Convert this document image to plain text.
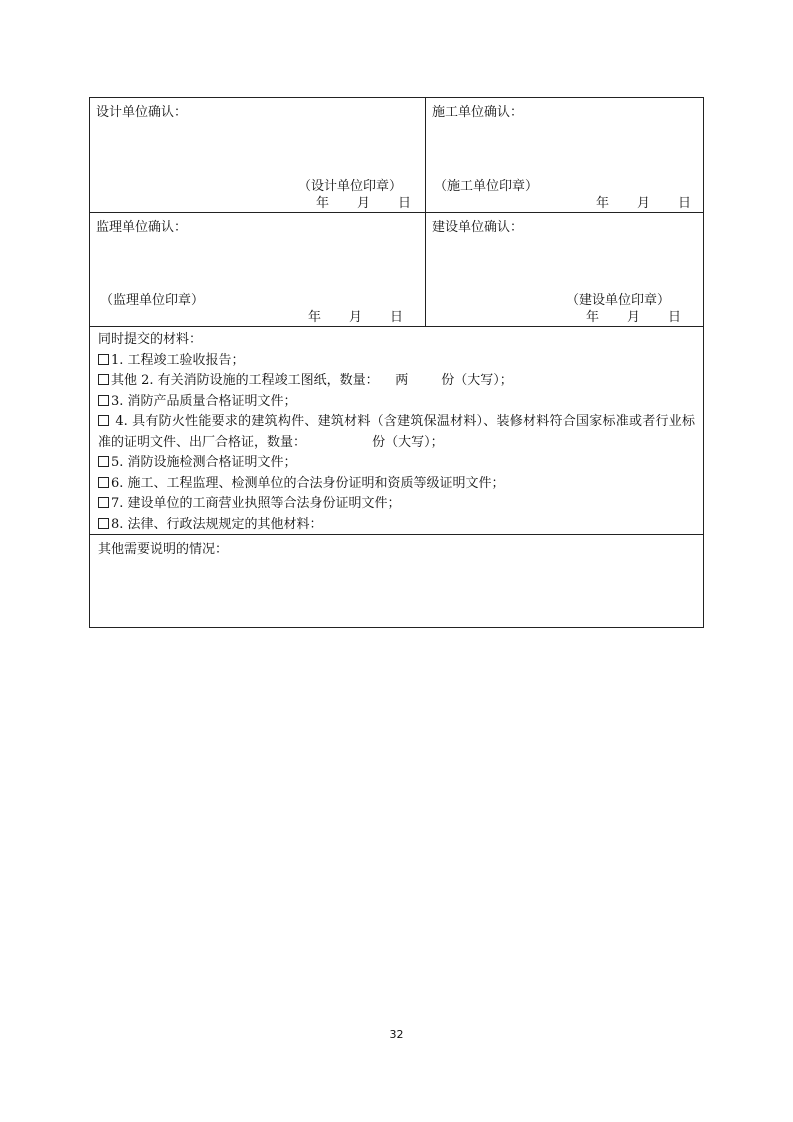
设计单位确认：
（设计单位印章）
年 月 日
施工单位确认：
（施工单位印章）
年 月 日
监理单位确认：
（监理单位印章）
年 月 日
建设单位确认：
（建设单位印章）
年 月 日
同时提交的材料：
1. 工程竣工验收报告；
其他 2. 有关消防设施的工程竣工图纸，数量：    两        份（大写）；
3. 消防产品质量合格证明文件；
4. 具有防火性能要求的建筑构件、建筑材料（含建筑保温材料）、装修材料符合国家标准或者行业标准的证明文件、出厂合格证，数量：                份（大写）；
5. 消防设施检测合格证明文件；
6. 施工、工程监理、检测单位的合法身份证明和资质等级证明文件；
7. 建设单位的工商营业执照等合法身份证明文件；
8. 法律、行政法规规定的其他材料：
其他需要说明的情况：
32
